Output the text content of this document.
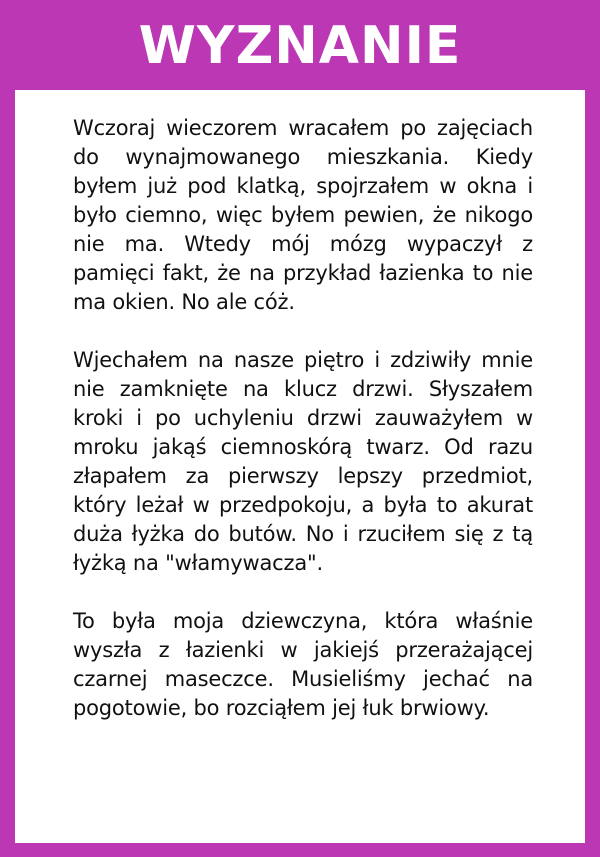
WYZNANIE

Wczoraj wieczorem wracałem po zajęciach do wynajmowanego mieszkania. Kiedy byłem już pod klatką, spojrzałem w okna i było ciemno, więc byłem pewien, że nikogo nie ma. Wtedy mój mózg wypaczył z pamięci fakt, że na przykład łazienka to nie ma okien. No ale cóż.

Wjechałem na nasze piętro i zdziwiły mnie nie zamknięte na klucz drzwi. Słyszałem kroki i po uchyleniu drzwi zauważyłem w mroku jakąś ciemnoskórą twarz. Od razu złapałem za pierwszy lepszy przedmiot, który leżał w przedpokoju, a była to akurat duża łyżka do butów. No i rzuciłem się z tą łyżką na "włamywacza".

To była moja dziewczyna, która właśnie wyszła z łazienki w jakiejś przerażającej czarnej maseczce. Musieliśmy jechać na pogotowie, bo rozciąłem jej łuk brwiowy.
